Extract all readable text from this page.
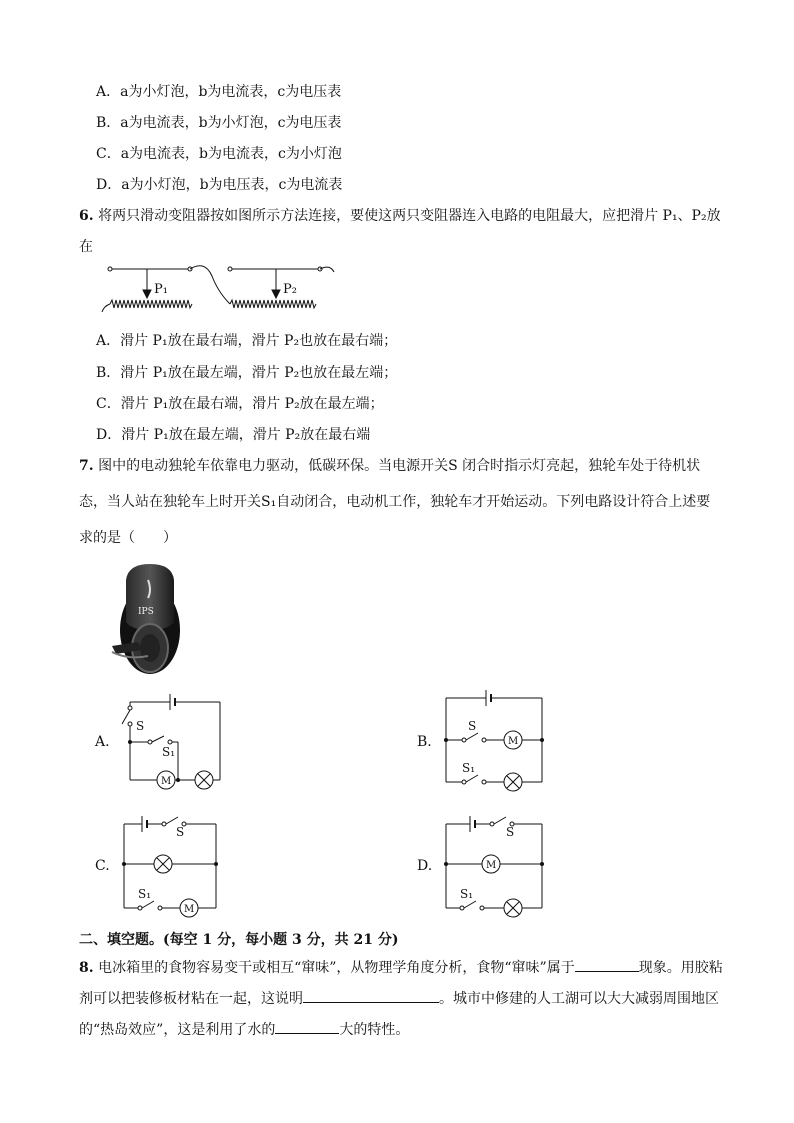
A．a为小灯泡，b为电流表，c为电压表
B．a为电流表，b为小灯泡，c为电压表
C．a为电流表，b为电流表，c为小灯泡
D．a为小灯泡，b为电压表，c为电流表
6. 将两只滑动变阻器按如图所示方法连接，要使这两只变阻器连入电路的电阻最大，应把滑片 P₁、P₂放
在
P₁	P₂
A．滑片 P₁放在最右端，滑片 P₂也放在最右端；
B．滑片 P₁放在最左端，滑片 P₂也放在最左端；
C．滑片 P₁放在最右端，滑片 P₂放在最左端；
D．滑片 P₁放在最左端，滑片 P₂放在最右端
7. 图中的电动独轮车依靠电力驱动，低碳环保。当电源开关S 闭合时指示灯亮起，独轮车处于待机状
态，当人站在独轮车上时开关S₁自动闭合，电动机工作，独轮车才开始运动。下列电路设计符合上述要
求的是（　　）
IPS
A.
S
S₁
M
B.
S
M
S₁
C.
S
S₁
M
D.
S
M
S₁
二、填空题。(每空 1 分，每小题 3 分，共 21 分)
8. 电冰箱里的食物容易变干或相互“窜味”，从物理学角度分析，食物“窜味”属于	现象。用胶粘
剂可以把装修板材粘在一起，这说明	。城市中修建的人工湖可以大大减弱周围地区
的“热岛效应”，这是利用了水的	大的特性。
